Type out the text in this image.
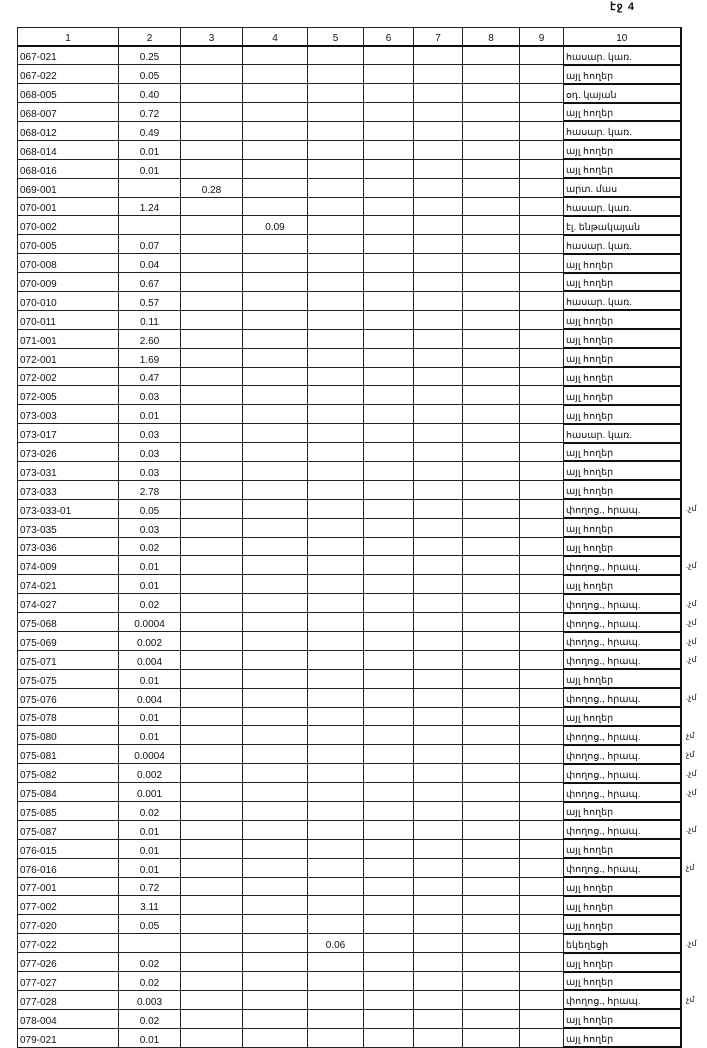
էջ 4
1	2	3	4	5	6	7	8	9	10
067-021	0.25								հասար. կառ.
067-022	0.05								այլ հողեր
068-005	0.40								օդ. կայան
068-007	0.72								այլ հողեր
068-012	0.49								հասար. կառ.
068-014	0.01								այլ հողեր
068-016	0.01								այլ հողեր
069-001		0.28							արտ. մաս
070-001	1.24								հասար. կառ.
070-002			0.09						էլ. ենթակայան
070-005	0.07								հասար. կառ.
070-008	0.04								այլ հողեր
070-009	0.67								այլ հողեր
070-010	0.57								հասար. կառ.
070-011	0.11								այլ հողեր
071-001	2.60								այլ հողեր
072-001	1.69								այլ հողեր
072-002	0.47								այլ հողեր
072-005	0.03								այլ հողեր
073-003	0.01								այլ հողեր
073-017	0.03								հասար. կառ.
073-026	0.03								այլ հողեր
073-031	0.03								այլ հողեր
073-033	2.78								այլ հողեր
073-033-01	0.05								փողոց., հրապ. .չմ

073-035	0.03								այլ հողեր
073-036	0.02								այլ հողեր
074-009	0.01								փողոց., հրապ. .չմ

074-021	0.01								այլ հողեր
074-027	0.02								փողոց., հրապ. .չմ

075-068	0.0004								փողոց., հրապ. .չմ

075-069	0.002								փողոց., հրապ. .չմ

075-071	0.004								փողոց., հրապ. .չմ

075-075	0.01								այլ հողեր
075-076	0.004								փողոց., հրապ. .չմ

075-078	0.01								այլ հողեր
075-080	0.01								փողոց., հրապ. չմ

075-081	0.0004								փողոց., հրապ. չմ

075-082	0.002								փողոց., հրապ. .չմ

075-084	0.001								փողոց., հրապ. .չմ

075-085	0.02								այլ հողեր
075-087	0.01								փողոց., հրապ. .չմ

076-015	0.01								այլ հողեր
076-016	0.01								փողոց., հրապ. չմ

077-001	0.72								այլ հողեր
077-002	3.11								այլ հողեր
077-020	0.05								այլ հողեր
077-022				0.06					եկեղեցի .չմ

077-026	0.02								այլ հողեր
077-027	0.02								այլ հողեր
077-028	0.003								փողոց., հրապ. չմ

078-004	0.02								այլ հողեր
079-021	0.01								այլ հողեր
